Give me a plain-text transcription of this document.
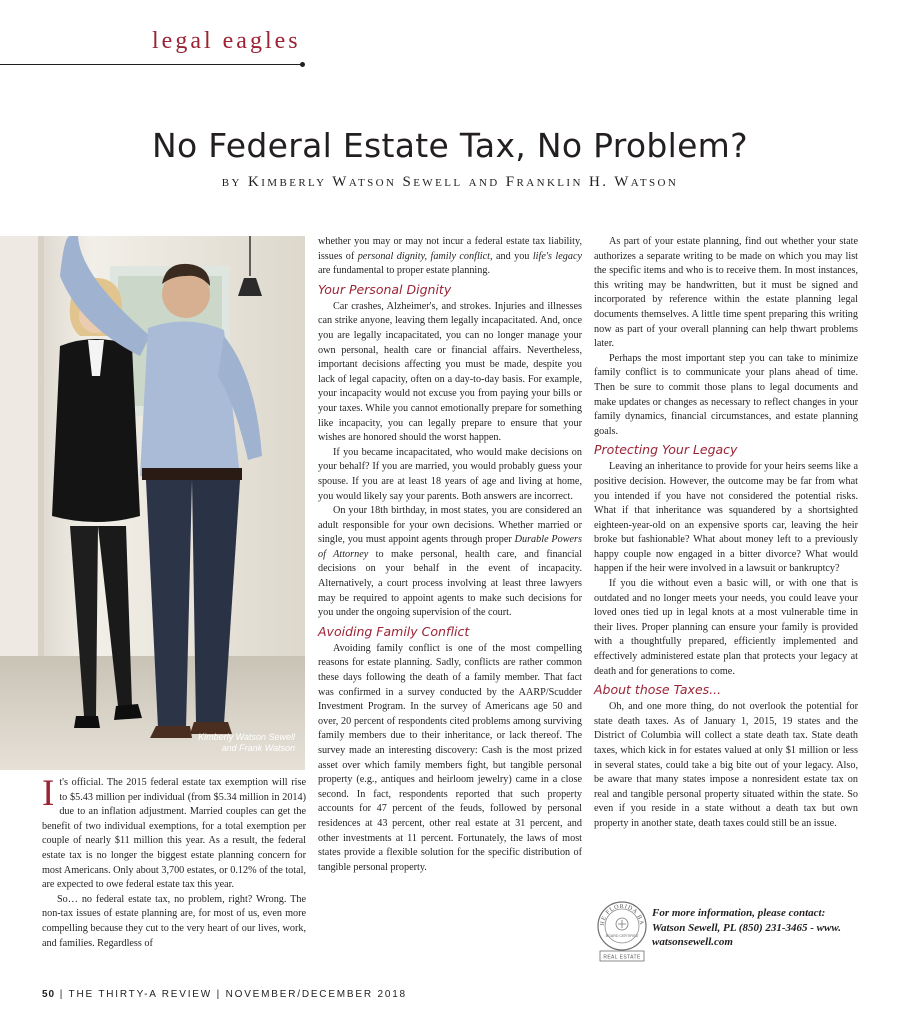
legal eagles
No Federal Estate Tax, No Problem?
by Kimberly Watson Sewell and Franklin H. Watson
Kimberly Watson Sewell
and Frank Watson

It's official. The 2015 federal estate tax exemption will rise to $5.43 million per individual (from $5.34 million in 2014) due to an inflation adjustment. Married couples can get the benefit of two individual exemptions, for a total exemption per couple of nearly $11 million this year. As a result, the federal estate tax is no longer the biggest estate planning concern for most Americans. Only about 3,700 estates, or 0.12% of the total, are expected to owe federal estate tax this year.

So… no federal estate tax, no problem, right? Wrong. The non-tax issues of estate planning are, for most of us, even more compelling because they cut to the very heart of our lives, work, and families. Regardless of

whether you may or may not incur a federal estate tax liability, issues of personal dignity, family conflict, and you life's legacy are fundamental to proper estate planning.

Your Personal Dignity

Car crashes, Alzheimer's, and strokes. Injuries and illnesses can strike anyone, leaving them legally incapacitated. And, once you are legally incapacitated, you can no longer manage your own personal, health care or financial affairs. Nevertheless, important decisions affecting you must be made, despite you lack of legal capacity, often on a day-to-day basis. For example, your incapacity would not excuse you from paying your bills or your taxes. While you cannot emotionally prepare for something like incapacity, you can legally prepare to ensure that your wishes are honored should the worst happen.

If you became incapacitated, who would make decisions on your behalf? If you are married, you would probably guess your spouse. If you are at least 18 years of age and living at home, you would likely say your parents. Both answers are incorrect.

On your 18th birthday, in most states, you are considered an adult responsible for your own decisions. Whether married or single, you must appoint agents through proper Durable Powers of Attorney to make personal, health care, and financial decisions on your behalf in the event of incapacity. Alternatively, a court process involving at least three lawyers may be required to appoint agents to make such decisions for you under the ongoing supervision of the court.

Avoiding Family Conflict

Avoiding family conflict is one of the most compelling reasons for estate planning. Sadly, conflicts are rather common these days following the death of a family member. That fact was confirmed in a survey conducted by the AARP/Scudder Investment Program. In the survey of Americans age 50 and over, 20 percent of respondents cited problems among surviving family members due to their inheritance, or lack thereof. The survey made an interesting discovery: Cash is the most prized asset over which family members fight, but tangible personal property (e.g., antiques and heirloom jewelry) came in a close second. In fact, respondents reported that such property accounts for 47 percent of the feuds, followed by personal residences at 43 percent, other real estate at 31 percent, and other investments at 11 percent. Fortunately, the laws of most states provide a flexible solution for the specific distribution of tangible personal property.

As part of your estate planning, find out whether your state authorizes a separate writing to be made on which you may list the specific items and who is to receive them. In most instances, this writing may be handwritten, but it must be signed and incorporated by reference within the estate planning legal documents themselves. A little time spent preparing this writing now as part of your overall planning can help thwart problems later.

Perhaps the most important step you can take to minimize family conflict is to communicate your plans ahead of time. Then be sure to commit those plans to legal documents and make updates or changes as necessary to reflect changes in your family dynamics, financial circumstances, and estate planning goals.

Protecting Your Legacy

Leaving an inheritance to provide for your heirs seems like a positive decision. However, the outcome may be far from what you intended if you have not considered the potential risks. What if that inheritance was squandered by a shortsighted eighteen-year-old on an expensive sports car, leaving the heir broke but fashionable? What about money left to a previously happy couple now engaged in a bitter divorce? What would happen if the heir were involved in a lawsuit or bankruptcy?

If you die without even a basic will, or with one that is outdated and no longer meets your needs, you could leave your loved ones tied up in legal knots at a most vulnerable time in their lives. Proper planning can ensure your family is provided with a thoughtfully prepared, efficiently implemented and effectively administered estate plan that protects your legacy at death and for generations to come.

About those Taxes...

Oh, and one more thing, do not overlook the potential for state death taxes. As of January 1, 2015, 19 states and the District of Columbia will collect a state death tax. State death taxes, which kick in for estates valued at only $1 million or less in several states, could take a big bite out of your legacy. Also, be aware that many states impose a nonresident estate tax on real and tangible personal property situated within the state. So even if you reside in a state without a death tax but own property in another state, death taxes could still be an issue.

HE FLORIDA BA
BOARD CERTIFIED
REAL ESTATE
For more information, please contact:
Watson Sewell, PL (850) 231-3465 - www.
watsonsewell.com
50 | THE THIRTY-A REVIEW | NOVEMBER/DECEMBER 2018
